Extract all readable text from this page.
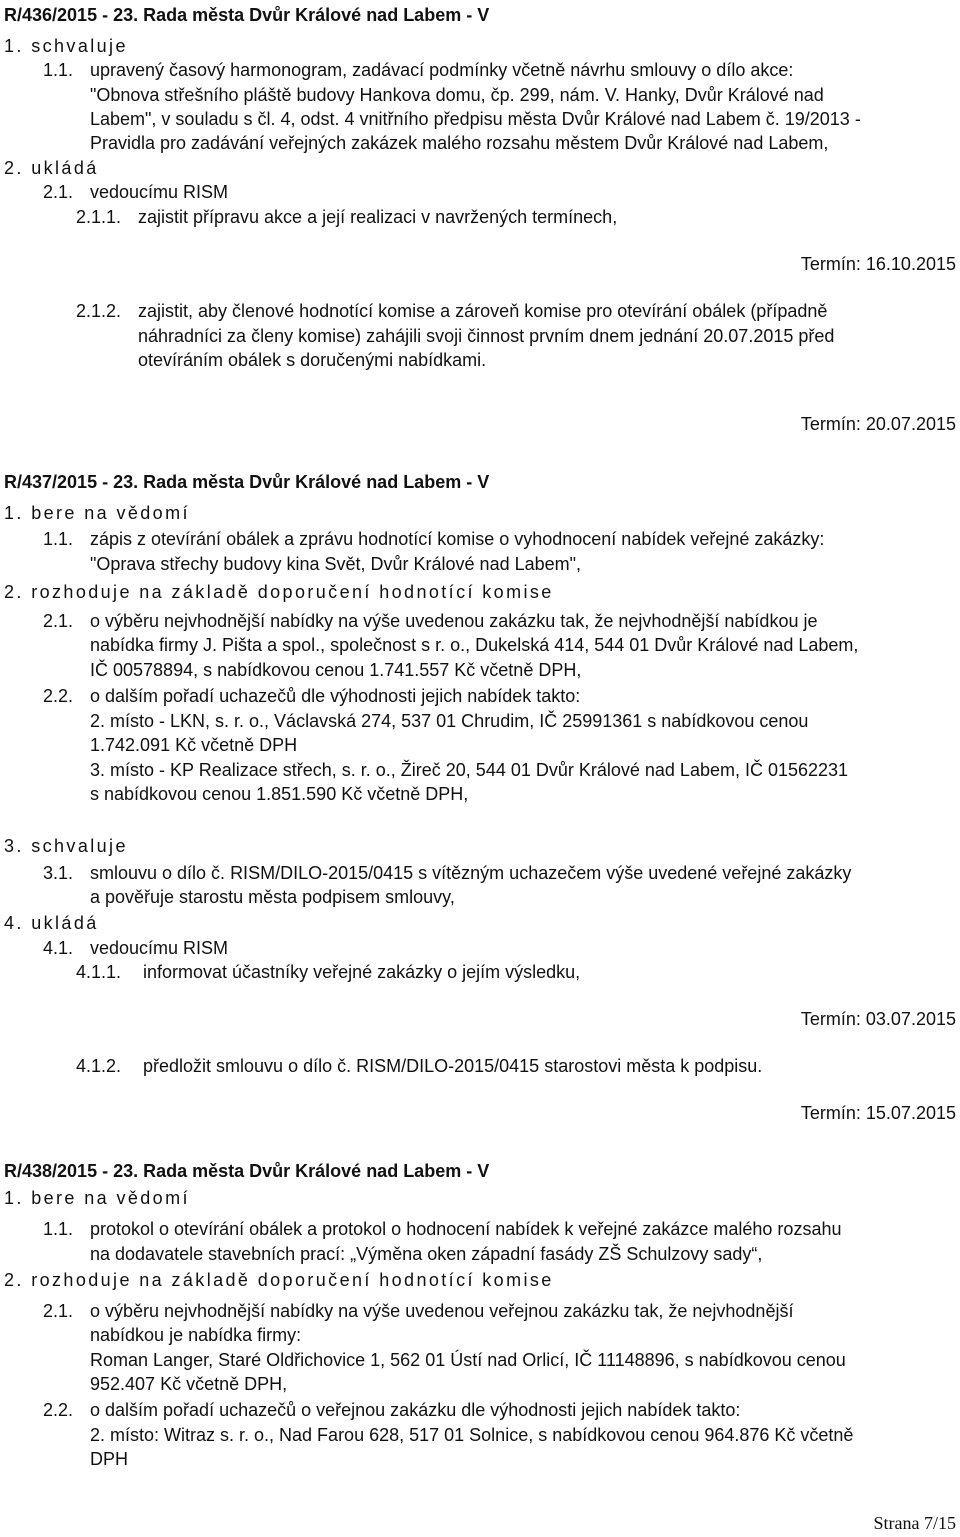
R/436/2015 - 23. Rada města Dvůr Králové nad Labem - V
1. schvaluje
1.1. upravený časový harmonogram, zadávací podmínky včetně návrhu smlouvy o dílo akce:
"Obnova střešního pláště budovy Hankova domu, čp. 299, nám. V. Hanky, Dvůr Králové nad
Labem", v souladu s čl. 4, odst. 4 vnitřního předpisu města Dvůr Králové nad Labem č. 19/2013 -
Pravidla pro zadávání veřejných zakázek malého rozsahu městem Dvůr Králové nad Labem,
2. ukládá
2.1. vedoucímu RISM
2.1.1. zajistit přípravu akce a její realizaci v navržených termínech,
Termín: 16.10.2015
2.1.2. zajistit, aby členové hodnotící komise a zároveň komise pro otevírání obálek (případně
náhradníci za členy komise) zahájili svoji činnost prvním dnem jednání 20.07.2015 před
otevíráním obálek s doručenými nabídkami.
Termín: 20.07.2015
R/437/2015 - 23. Rada města Dvůr Králové nad Labem - V
1. bere na vědomí
1.1. zápis z otevírání obálek a zprávu hodnotící komise o vyhodnocení nabídek veřejné zakázky:
"Oprava střechy budovy kina Svět, Dvůr Králové nad Labem",
2. rozhoduje na základě doporučení hodnotící komise
2.1. o výběru nejvhodnější nabídky na výše uvedenou zakázku tak, že nejvhodnější nabídkou je
nabídka firmy J. Pišta a spol., společnost s r. o., Dukelská 414, 544 01 Dvůr Králové nad Labem,
IČ 00578894, s nabídkovou cenou 1.741.557 Kč včetně DPH,
2.2. o dalším pořadí uchazečů dle výhodnosti jejich nabídek takto:
2. místo - LKN, s. r. o., Václavská 274, 537 01 Chrudim, IČ 25991361 s nabídkovou cenou
1.742.091 Kč včetně DPH
3. místo - KP Realizace střech, s. r. o., Žireč 20, 544 01 Dvůr Králové nad Labem, IČ 01562231
s nabídkovou cenou 1.851.590 Kč včetně DPH,
3. schvaluje
3.1. smlouvu o dílo č. RISM/DILO-2015/0415 s vítězným uchazečem výše uvedené veřejné zakázky
a pověřuje starostu města podpisem smlouvy,
4. ukládá
4.1. vedoucímu RISM
4.1.1. informovat účastníky veřejné zakázky o jejím výsledku,
Termín: 03.07.2015
4.1.2. předložit smlouvu o dílo č. RISM/DILO-2015/0415 starostovi města k podpisu.
Termín: 15.07.2015
R/438/2015 - 23. Rada města Dvůr Králové nad Labem - V
1. bere na vědomí
1.1. protokol o otevírání obálek a protokol o hodnocení nabídek k veřejné zakázce malého rozsahu
na dodavatele stavebních prací: „Výměna oken západní fasády ZŠ Schulzovy sady“,
2. rozhoduje na základě doporučení hodnotící komise
2.1. o výběru nejvhodnější nabídky na výše uvedenou veřejnou zakázku tak, že nejvhodnější
nabídkou je nabídka firmy:
Roman Langer, Staré Oldřichovice 1, 562 01 Ústí nad Orlicí, IČ 11148896, s nabídkovou cenou
952.407 Kč včetně DPH,
2.2. o dalším pořadí uchazečů o veřejnou zakázku dle výhodnosti jejich nabídek takto:
2. místo: Witraz s. r. o., Nad Farou 628, 517 01 Solnice, s nabídkovou cenou 964.876 Kč včetně
DPH
Strana 7/15
